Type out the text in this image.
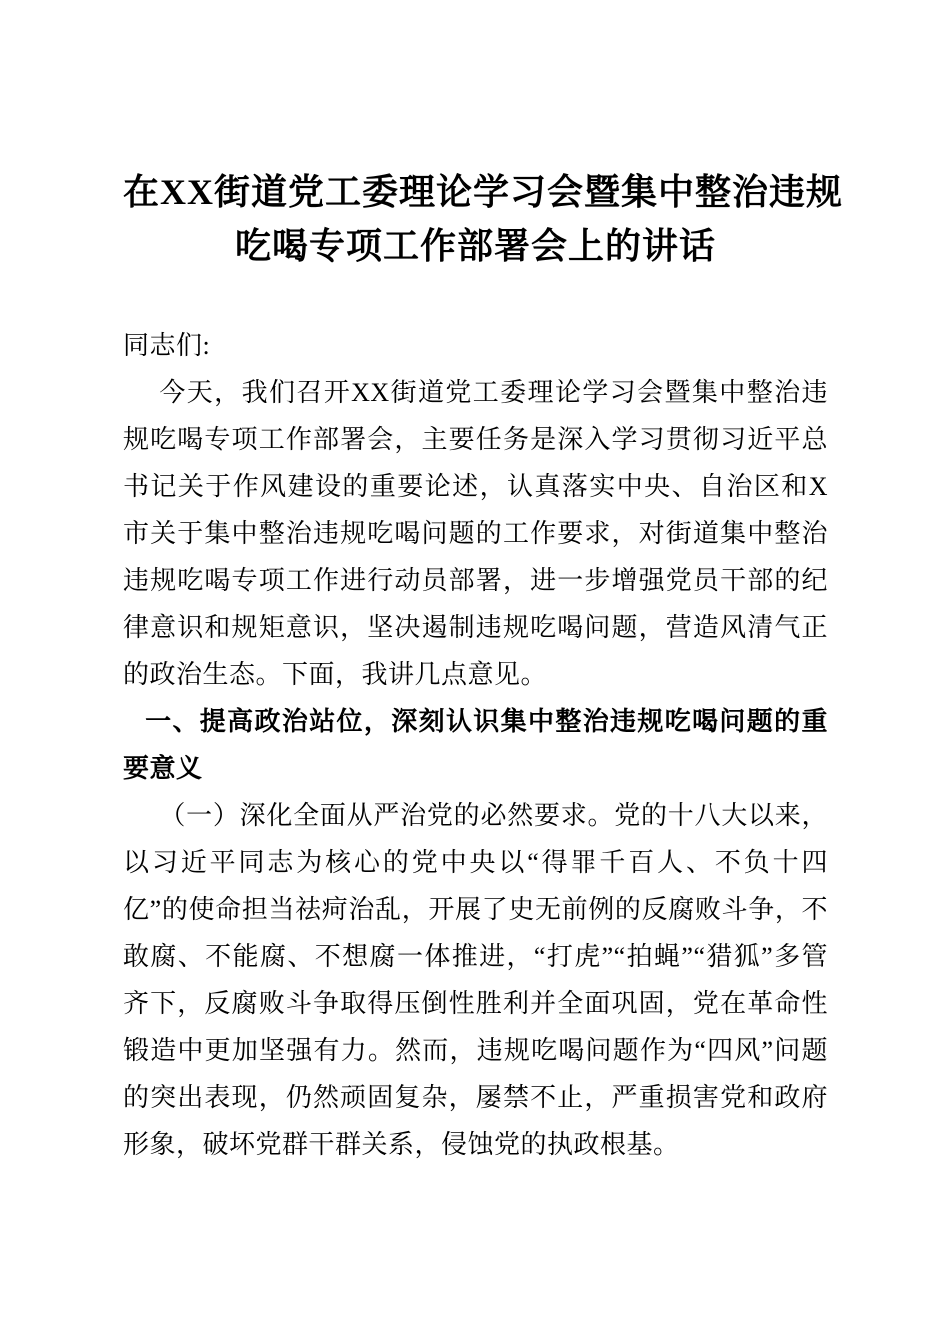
在XX街道党工委理论学习会暨集中整治违规
吃喝专项工作部署会上的讲话

同志们:

今天，我们召开XX街道党工委理论学习会暨集中整治违规吃喝专项工作部署会，主要任务是深入学习贯彻习近平总书记关于作风建设的重要论述，认真落实中央、自治区和X市关于集中整治违规吃喝问题的工作要求，对街道集中整治违规吃喝专项工作进行动员部署，进一步增强党员干部的纪律意识和规矩意识，坚决遏制违规吃喝问题，营造风清气正的政治生态。下面，我讲几点意见。

一、提高政治站位，深刻认识集中整治违规吃喝问题的重要意义

（一）深化全面从严治党的必然要求。党的十八大以来，以习近平同志为核心的党中央以“得罪千百人、不负十四亿”的使命担当祛疴治乱，开展了史无前例的反腐败斗争，不敢腐、不能腐、不想腐一体推进，“打虎”“拍蝇”“猎狐”多管齐下，反腐败斗争取得压倒性胜利并全面巩固，党在革命性锻造中更加坚强有力。然而，违规吃喝问题作为“四风”问题的突出表现，仍然顽固复杂，屡禁不止，严重损害党和政府形象，破坏党群干群关系，侵蚀党的执政根基。
